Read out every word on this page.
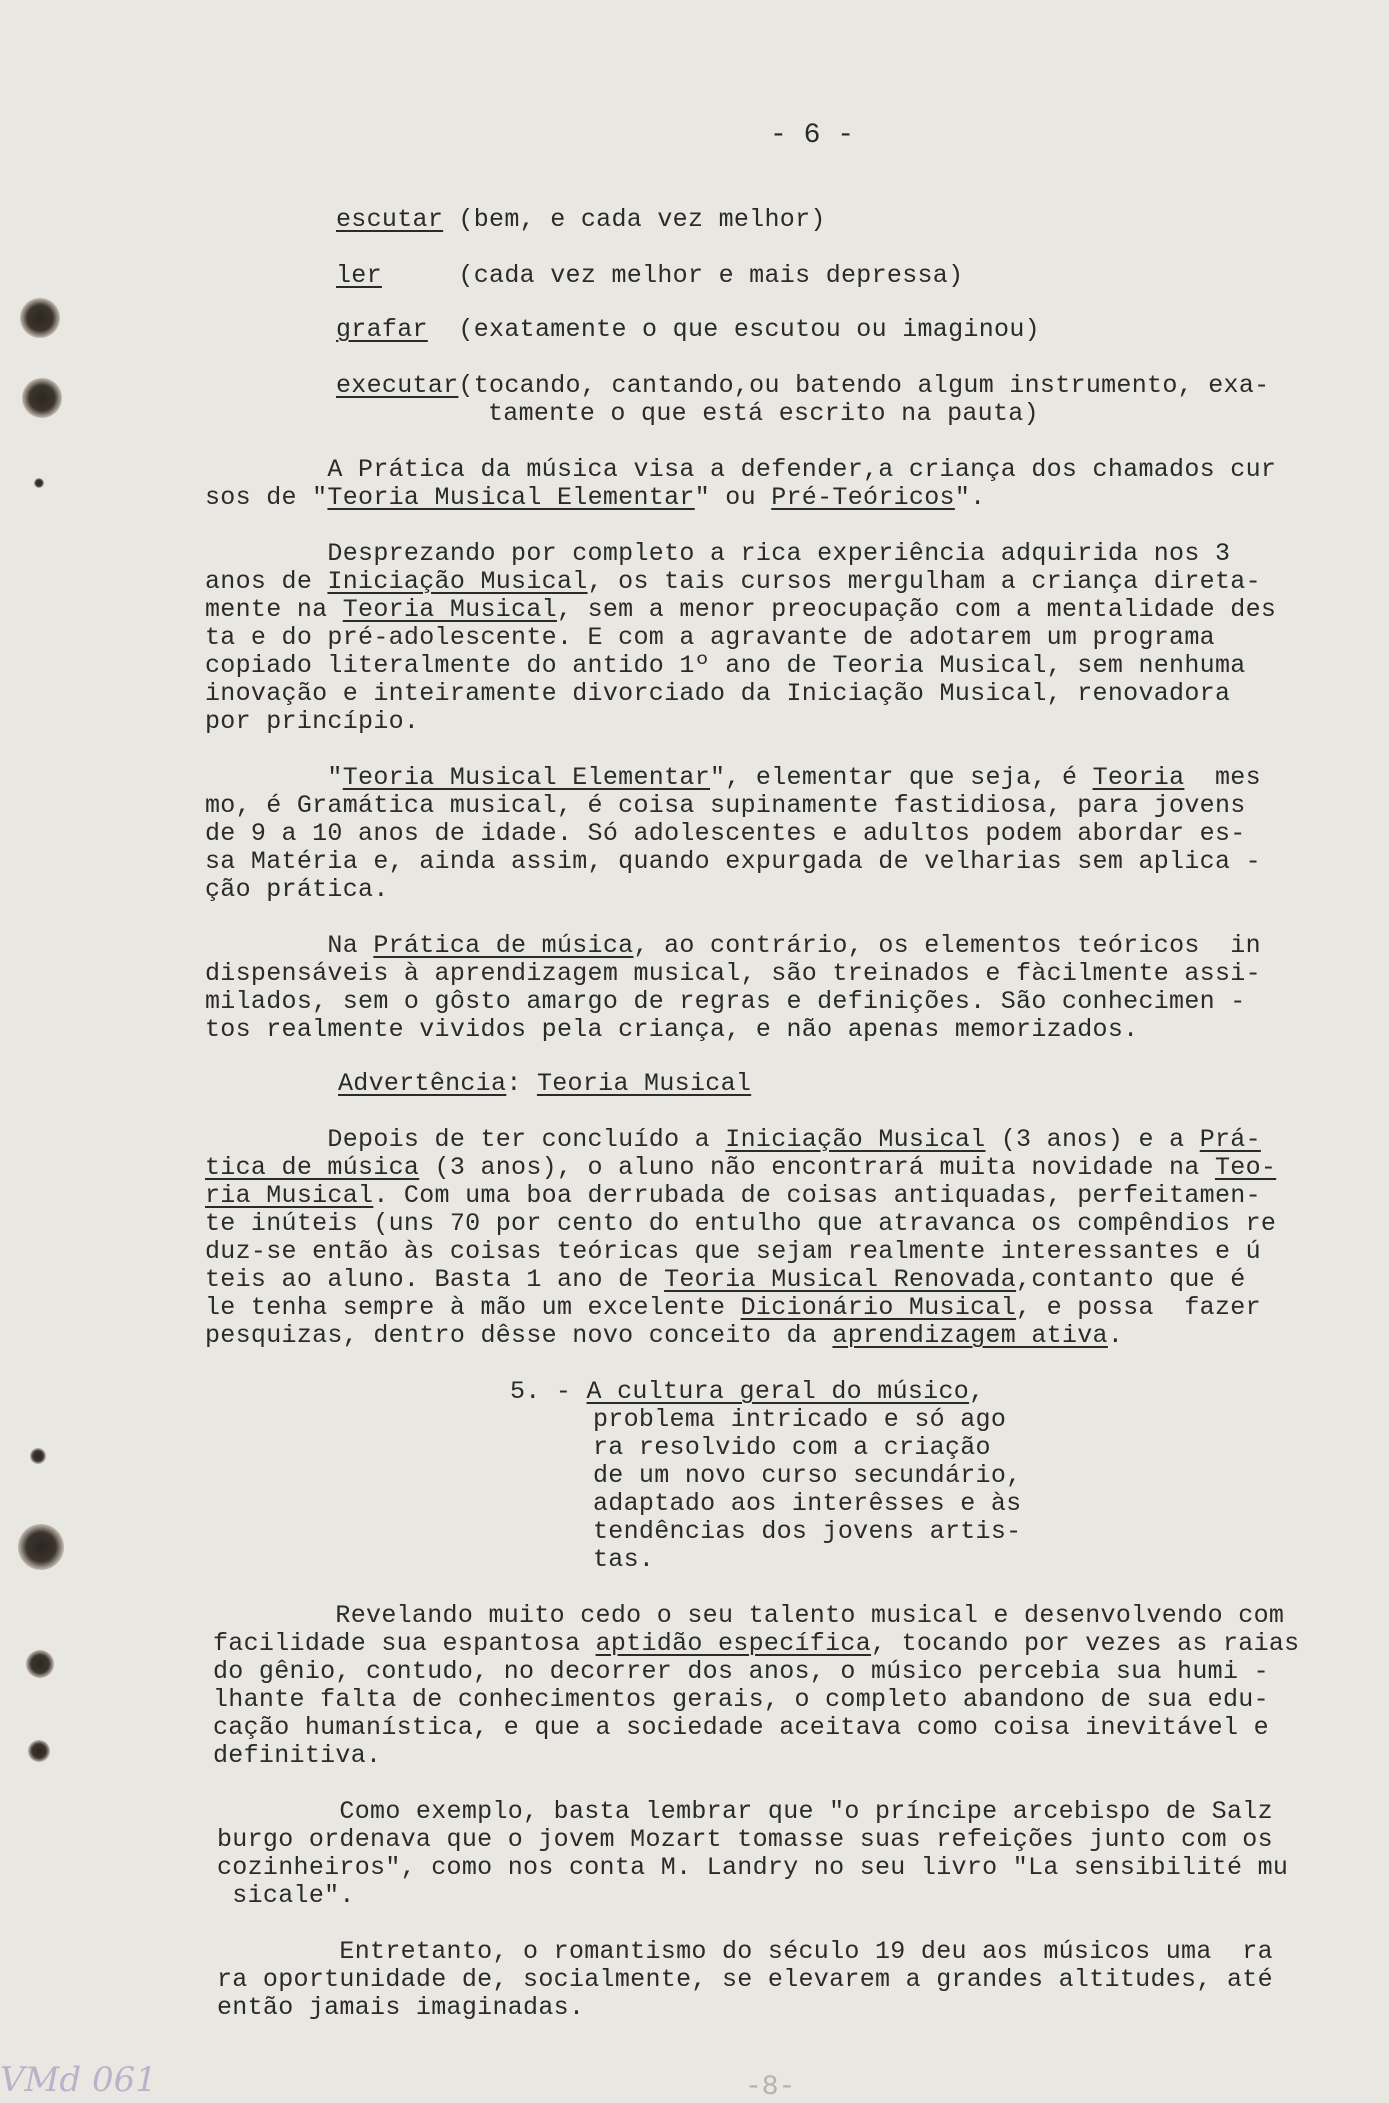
- 6 -
escutar (bem, e cada vez melhor)
ler     (cada vez melhor e mais depressa)
grafar  (exatamente o que escutou ou imaginou)
executar(tocando, cantando,ou batendo algum instrumento, exa-
tamente o que está escrito na pauta)
A Prática da música visa a defender,a criança dos chamados cur
sos de "Teoria Musical Elementar" ou Pré-Teóricos".
Desprezando por completo a rica experiência adquirida nos 3
anos de Iniciação Musical, os tais cursos mergulham a criança direta-
mente na Teoria Musical, sem a menor preocupação com a mentalidade des
ta e do pré-adolescente. E com a agravante de adotarem um programa
copiado literalmente do antido 1º ano de Teoria Musical, sem nenhuma
inovação e inteiramente divorciado da Iniciação Musical, renovadora
por princípio.
"Teoria Musical Elementar", elementar que seja, é Teoria  mes
mo, é Gramática musical, é coisa supinamente fastidiosa, para jovens
de 9 a 10 anos de idade. Só adolescentes e adultos podem abordar es-
sa Matéria e, ainda assim, quando expurgada de velharias sem aplica -
ção prática.
Na Prática de música, ao contrário, os elementos teóricos  in
dispensáveis à aprendizagem musical, são treinados e fàcilmente assi-
milados, sem o gôsto amargo de regras e definições. São conhecimen -
tos realmente vividos pela criança, e não apenas memorizados.
Advertência: Teoria Musical
Depois de ter concluído a Iniciação Musical (3 anos) e a Prá-
tica de música (3 anos), o aluno não encontrará muita novidade na Teo-
ria Musical. Com uma boa derrubada de coisas antiquadas, perfeitamen-
te inúteis (uns 70 por cento do entulho que atravanca os compêndios re
duz-se então às coisas teóricas que sejam realmente interessantes e ú
teis ao aluno. Basta 1 ano de Teoria Musical Renovada,contanto que é
le tenha sempre à mão um excelente Dicionário Musical, e possa  fazer
pesquizas, dentro dêsse novo conceito da aprendizagem ativa.
5. - A cultura geral do músico,
problema intricado e só ago
ra resolvido com a criação
de um novo curso secundário,
adaptado aos interêsses e às
tendências dos jovens artis-
tas.
Revelando muito cedo o seu talento musical e desenvolvendo com
facilidade sua espantosa aptidão específica, tocando por vezes as raias
do gênio, contudo, no decorrer dos anos, o músico percebia sua humi -
lhante falta de conhecimentos gerais, o completo abandono de sua edu-
cação humanística, e que a sociedade aceitava como coisa inevitável e
definitiva.
Como exemplo, basta lembrar que "o príncipe arcebispo de Salz
burgo ordenava que o jovem Mozart tomasse suas refeições junto com os
cozinheiros", como nos conta M. Landry no seu livro "La sensibilité mu
sicale".
Entretanto, o romantismo do século 19 deu aos músicos uma  ra
ra oportunidade de, socialmente, se elevarem a grandes altitudes, até
então jamais imaginadas.
VMd 061	-8-
